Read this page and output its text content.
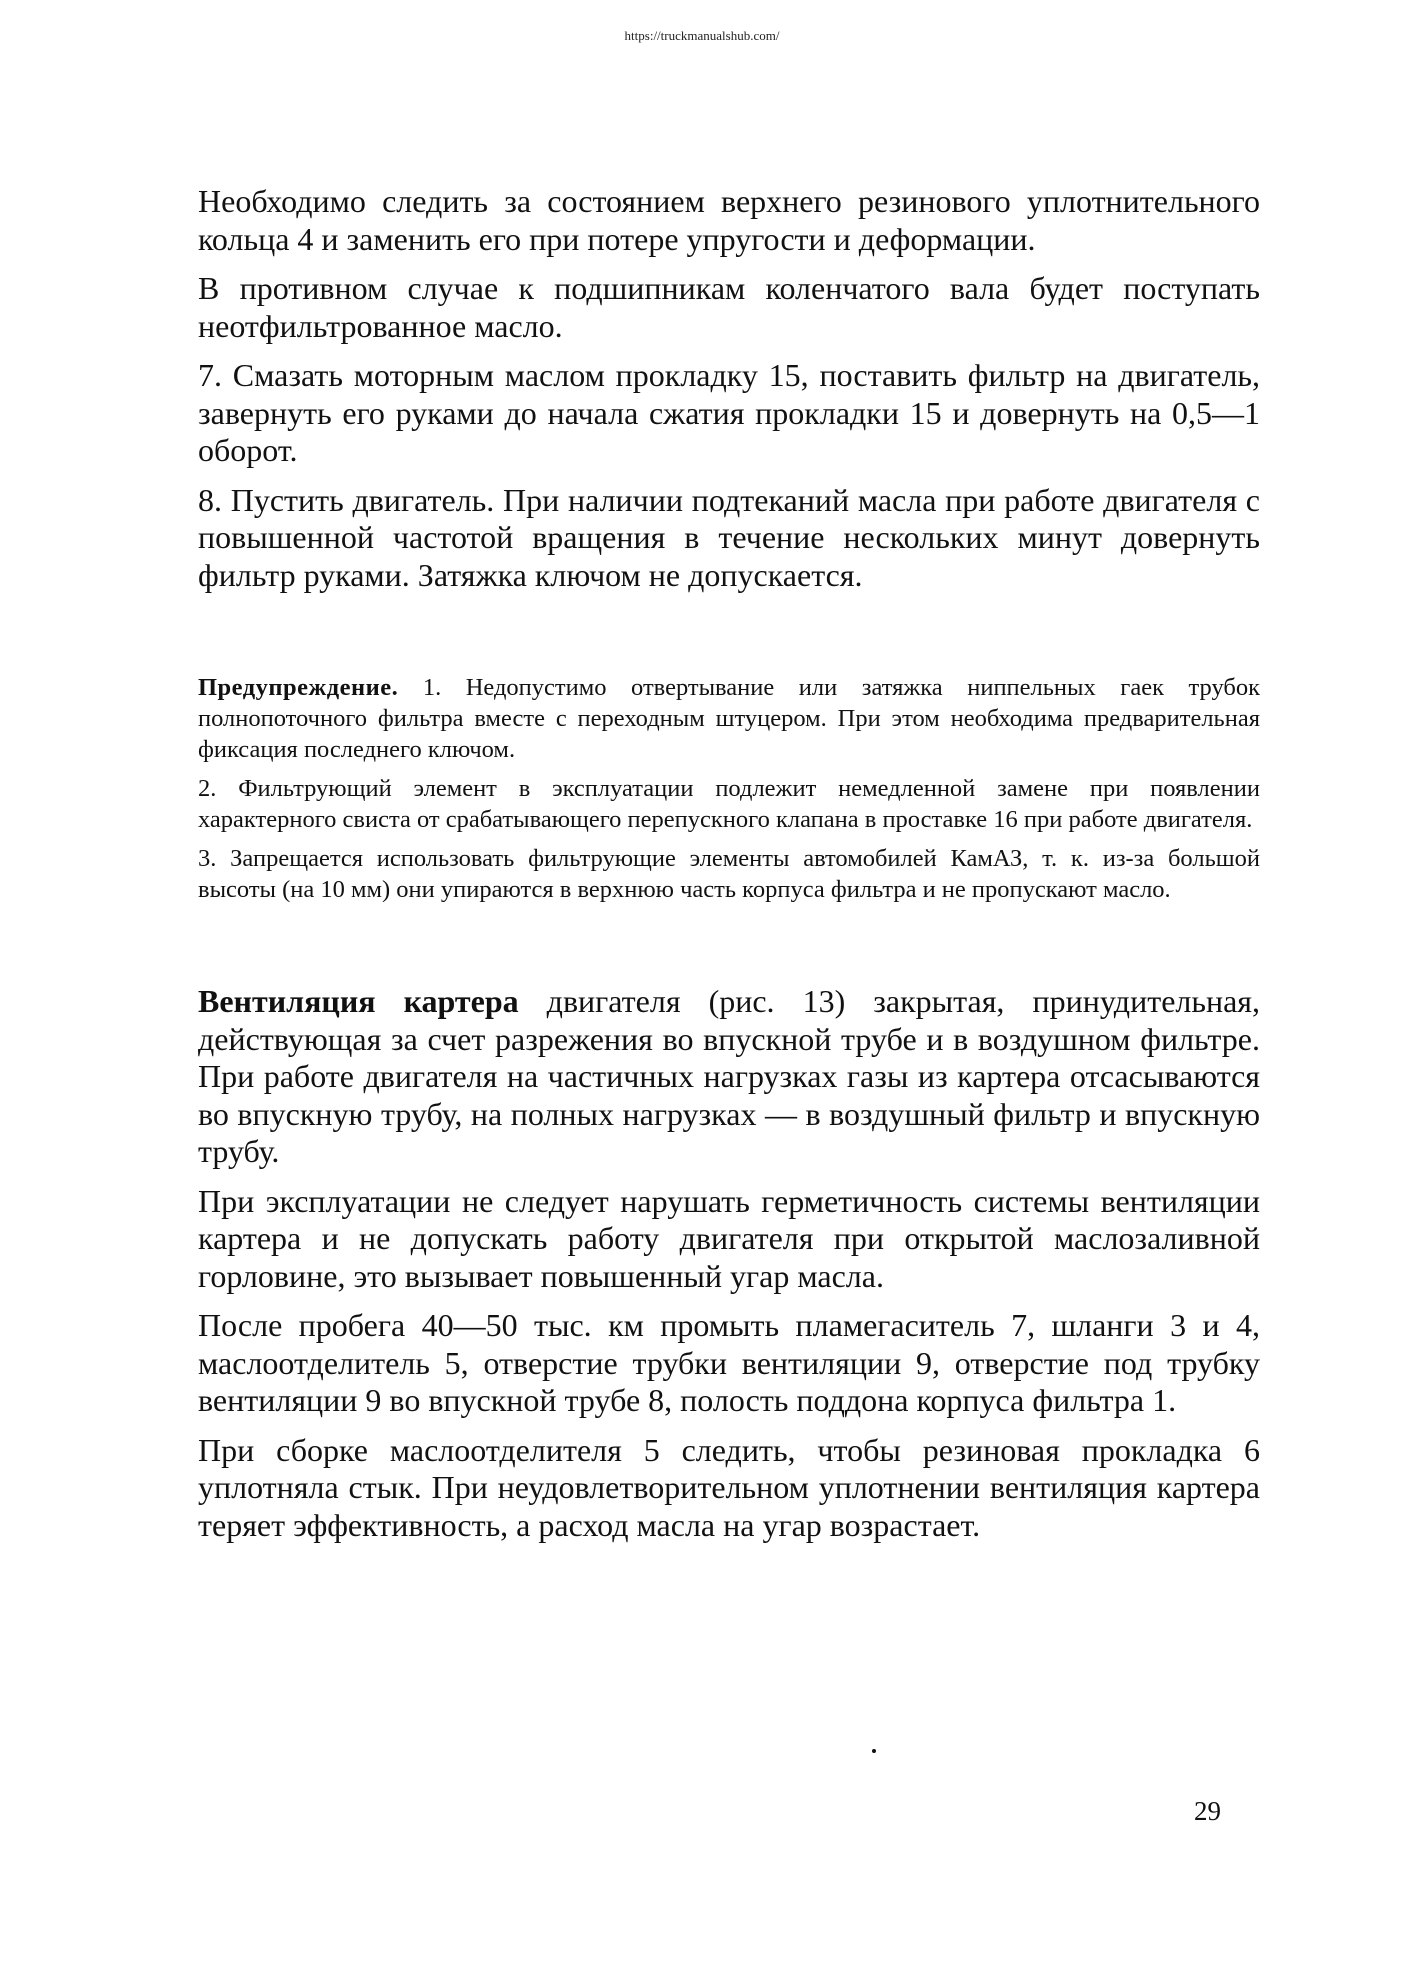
https://truckmanualshub.com/

Необходимо следить за состоянием верхнего резинового уплотнительного кольца 4 и заменить его при потере упругости и деформации.

В противном случае к подшипникам коленчатого вала будет поступать неотфильтрованное масло.

7. Смазать моторным маслом прокладку 15, поставить фильтр на двигатель, завернуть его руками до начала сжатия прокладки 15 и довернуть на 0,5—1 оборот.

8. Пустить двигатель. При наличии подтеканий масла при работе двигателя с повышенной частотой вращения в течение нескольких минут довернуть фильтр руками. Затяжка ключом не допускается.

Предупреждение. 1. Недопустимо отвертывание или затяжка ниппельных гаек трубок полнопоточного фильтра вместе с переходным штуцером. При этом необходима предварительная фиксация последнего ключом.

2. Фильтрующий элемент в эксплуатации подлежит немедленной замене при появлении характерного свиста от срабатывающего перепускного клапана в проставке 16 при работе двигателя.

3. Запрещается использовать фильтрующие элементы автомобилей КамАЗ, т. к. из-за большой высоты (на 10 мм) они упираются в верхнюю часть корпуса фильтра и не пропускают масло.

Вентиляция картера двигателя (рис. 13) закрытая, принудительная, действующая за счет разрежения во впускной трубе и в воздушном фильтре. При работе двигателя на частичных нагрузках газы из картера отсасываются во впускную трубу, на полных нагрузках — в воздушный фильтр и впускную трубу.

При эксплуатации не следует нарушать герметичность системы вентиляции картера и не допускать работу двигателя при открытой маслозаливной горловине, это вызывает повышенный угар масла.

После пробега 40—50 тыс. км промыть пламегаситель 7, шланги 3 и 4, маслоотделитель 5, отверстие трубки вентиляции 9, отверстие под трубку вентиляции 9 во впускной трубе 8, полость поддона корпуса фильтра 1.

При сборке маслоотделителя 5 следить, чтобы резиновая прокладка 6 уплотняла стык. При неудовлетворительном уплотнении вентиляция картера теряет эффективность, а расход масла на угар возрастает.

29
